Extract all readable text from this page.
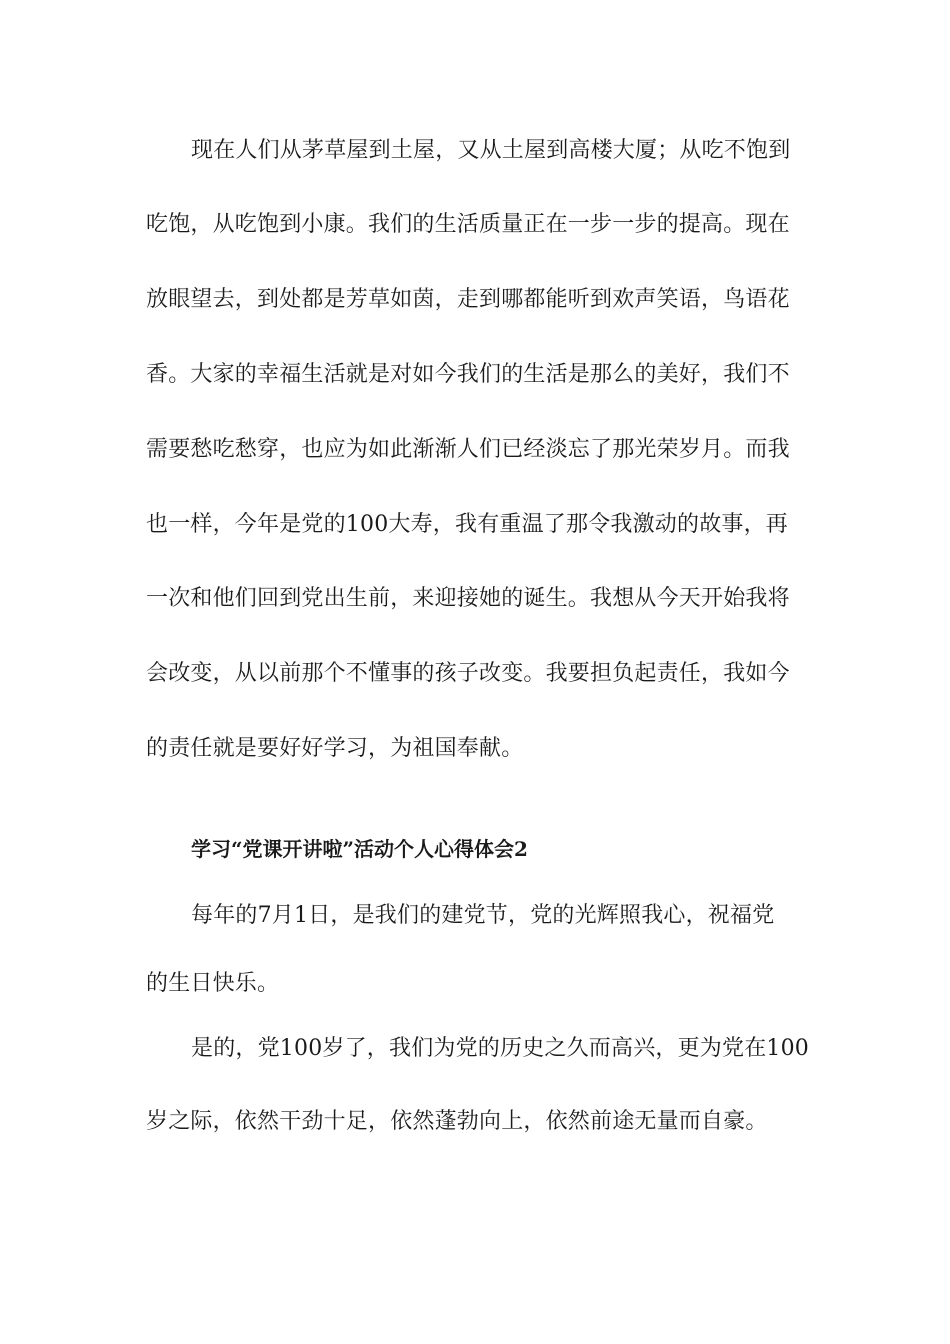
现在人们从茅草屋到土屋，又从土屋到高楼大厦；从吃不饱到
吃饱，从吃饱到小康。我们的生活质量正在一步一步的提高。现在
放眼望去，到处都是芳草如茵，走到哪都能听到欢声笑语，鸟语花
香。大家的幸福生活就是对如今我们的生活是那么的美好，我们不
需要愁吃愁穿，也应为如此渐渐人们已经淡忘了那光荣岁月。而我
也一样，今年是党的100大寿，我有重温了那令我激动的故事，再
一次和他们回到党出生前，来迎接她的诞生。我想从今天开始我将
会改变，从以前那个不懂事的孩子改变。我要担负起责任，我如今
的责任就是要好好学习，为祖国奉献。
学习“党课开讲啦”活动个人心得体会2
每年的7月1日，是我们的建党节，党的光辉照我心，祝福党
的生日快乐。
是的，党100岁了，我们为党的历史之久而高兴，更为党在100
岁之际，依然干劲十足，依然蓬勃向上，依然前途无量而自豪。
